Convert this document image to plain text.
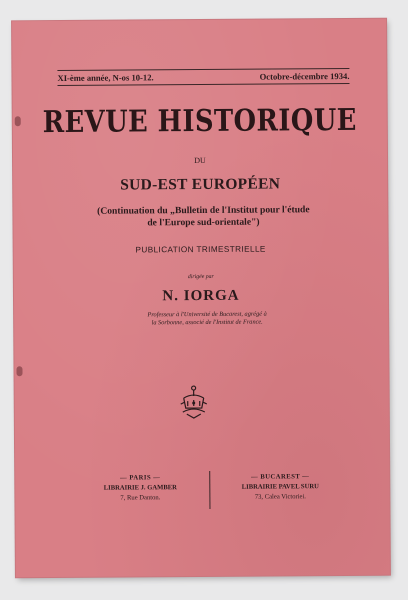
XI-ème année, N-os 10-12.	Octobre-décembre 1934.
REVUE HISTORIQUE
DU
SUD-EST EUROPÉEN
(Continuation du „Bulletin de l'Institut pour l'étude
de l'Europe sud-orientale")
PUBLICATION TRIMESTRIELLE
dirigée par
N. IORGA
Professeur à l'Université de Bucarest, agrégé à
la Sorbonne, associé de l'Institut de France.
— PARIS —
LIBRAIRIE J. GAMBER
7, Rue Danton.
— BUCAREST —
LIBRAIRIE PAVEL SURU
73, Calea Victoriei.
